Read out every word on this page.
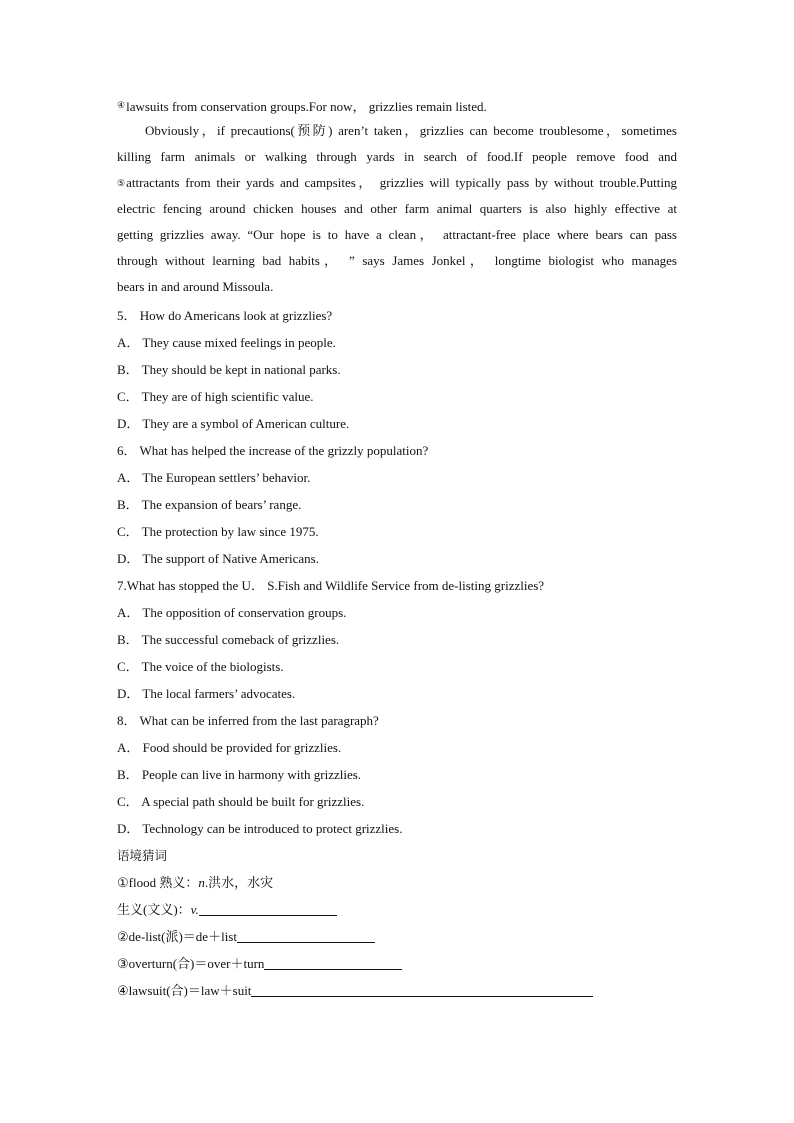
④lawsuits from conservation groups.For now， grizzlies remain listed.
Obviously，if precautions(预防) aren’t taken，grizzlies can become troublesome，sometimes
killing farm animals or walking through yards in search of food.If people remove food and
⑤ attractants from their yards and campsites， grizzlies will typically pass by without trouble.Putting
electric fencing around chicken houses and other farm animal quarters is also highly effective at
getting grizzlies away. “Our hope is to have a clean， attractant-free place where bears can pass
through without learning bad habits， ” says James Jonkel， longtime biologist who manages
bears in and around Missoula.
5． How do Americans look at grizzlies?
A． They cause mixed feelings in people.
B． They should be kept in national parks.
C． They are of high scientific value.
D． They are a symbol of American culture.
6． What has helped the increase of the grizzly population?
A． The European settlers’ behavior.
B． The expansion of bears’ range.
C． The protection by law since 1975.
D． The support of Native Americans.
7.What has stopped the U． S.Fish and Wildlife Service from de-listing grizzlies?
A． The opposition of conservation groups.
B． The successful comeback of grizzlies.
C． The voice of the biologists.
D． The local farmers’ advocates.
8． What can be inferred from the last paragraph?
A． Food should be provided for grizzlies.
B． People can live in harmony with grizzlies.
C． A special path should be built for grizzlies.
D． Technology can be introduced to protect grizzlies.
语境猜词
①flood 熟义：n.洪水，水灾
生义(文义)：v.
②de-list(派)＝de＋list
③overturn(合)＝over＋turn
④lawsuit(合)＝law＋suit
